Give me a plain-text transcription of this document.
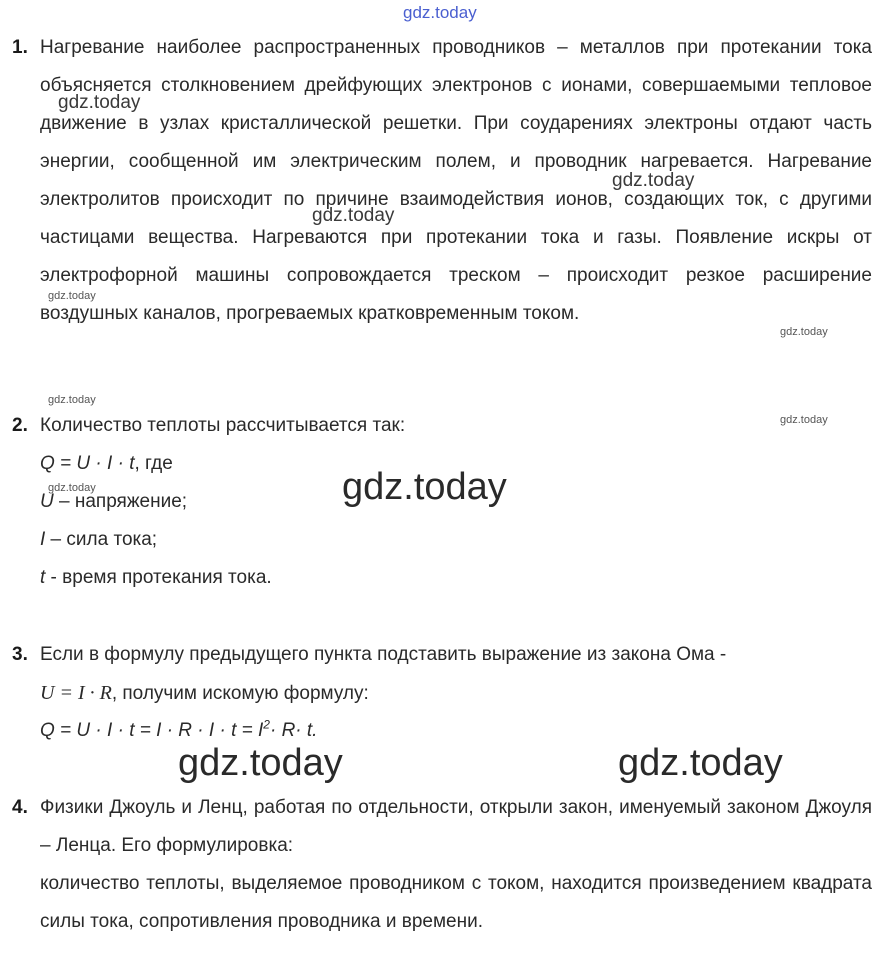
gdz.today
gdz.today
gdz.today
gdz.today
gdz.today
gdz.today
gdz.today
gdz.today
gdz.today	gdz.today
gdz.today	gdz.today
1. Нагревание наиболее распространенных проводников – металлов при протекании тока объясняется столкновением дрейфующих электронов с ионами, совершаемыми тепловое движение в узлах кристаллической решетки. При соударениях электроны отдают часть энергии, сообщенной им электрическим полем, и проводник нагревается. Нагревание электролитов происходит по причине взаимодействия ионов, создающих ток, с другими частицами вещества. Нагреваются при протекании тока и газы. Появление искры от электрофорной машины сопровождается треском – происходит резкое расширение воздушных каналов, прогреваемых кратковременным током.
2. Количество теплоты рассчитывается так:
Q = U · I · t, где
U – напряжение;
I – сила тока;
t - время протекания тока.
3. Если в формулу предыдущего пункта подставить выражение из закона Ома -
U = I · R, получим искомую формулу:
$Q = U \cdot I \cdot t = I \cdot R \cdot I \cdot t = I^2\cdot R\cdot t$.
4. Физики Джоуль и Ленц, работая по отдельности, открыли закон, именуемый законом Джоуля – Ленца. Его формулировка:
количество теплоты, выделяемое проводником с током, находится произведением квадрата силы тока, сопротивления проводника и времени.
